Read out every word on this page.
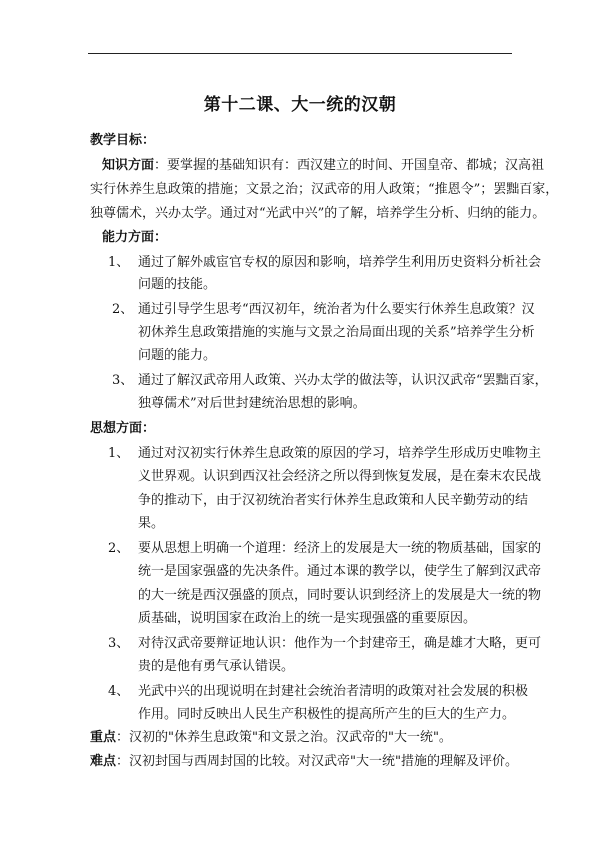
第十二课、大一统的汉朝
教学目标：
知识方面：要掌握的基础知识有：西汉建立的时间、开国皇帝、都城；汉高祖
实行休养生息政策的措施；文景之治；汉武帝的用人政策；“推恩令”；罢黜百家，
独尊儒术，兴办太学。通过对“光武中兴”的了解，培养学生分析、归纳的能力。
能力方面：
1、 通过了解外戚宦官专权的原因和影响，培养学生利用历史资料分析社会
问题的技能。
2、 通过引导学生思考“西汉初年，统治者为什么要实行休养生息政策？汉
初休养生息政策措施的实施与文景之治局面出现的关系”培养学生分析
问题的能力。
3、 通过了解汉武帝用人政策、兴办太学的做法等，认识汉武帝“罢黜百家，
独尊儒术”对后世封建统治思想的影响。
思想方面：
1、 通过对汉初实行休养生息政策的原因的学习，培养学生形成历史唯物主
义世界观。认识到西汉社会经济之所以得到恢复发展，是在秦末农民战
争的推动下，由于汉初统治者实行休养生息政策和人民辛勤劳动的结
果。
2、 要从思想上明确一个道理：经济上的发展是大一统的物质基础，国家的
统一是国家强盛的先决条件。通过本课的教学以，使学生了解到汉武帝
的大一统是西汉强盛的顶点，同时要认识到经济上的发展是大一统的物
质基础，说明国家在政治上的统一是实现强盛的重要原因。
3、 对待汉武帝要辩证地认识：他作为一个封建帝王，确是雄才大略，更可
贵的是他有勇气承认错误。
4、 光武中兴的出现说明在封建社会统治者清明的政策对社会发展的积极
作用。同时反映出人民生产积极性的提高所产生的巨大的生产力。
重点：汉初的"休养生息政策"和文景之治。汉武帝的"大一统"。
难点：汉初封国与西周封国的比较。对汉武帝"大一统"措施的理解及评价。
